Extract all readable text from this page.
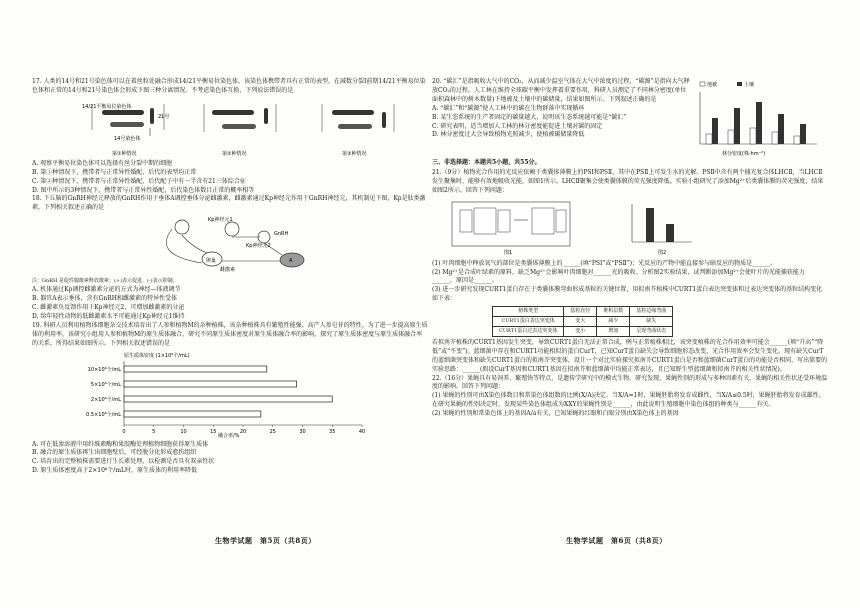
17. 人类的14号和21号染色体可以在着丝粒处融合形成14/21平衡易位染色体，该染色体携带者具有正常的表型，在减数分裂Ⅰ前期14/21平衡易位染色体和正常的14号和21号染色体会形成下图三种分离情况。不考虑染色体互换，下列说法错误的是

14/21平衡易位染色体
21号
14号染色体
第①种情况	第②种情况	第③种情况

A. 观察平衡易位染色体可以选择有丝分裂中期的细胞

B. 第①种情况下，携带者与正常异性婚配，后代的表型均正常

C. 第②种情况下，携带者与正常异性婚配，后代配子中有一半含有21三体综合征

D. 图中所示的3种情况下，携带者与正常异性婚配，后代染色体数目正常的概率相等

18. 下丘脑的GnRH神经元释放的GnRH作用于垂体A调控垂体分泌雌激素，雌激素通过Kp神经元作用于GnRH神经元，其机制见下图，Kp是肽类激素，下列相关叙述正确的是

Kp神经元1
Kp神经元2
GnRH
A
卵巢
雌激素

注：GnRH 是促性腺激素释放激素；(+)表示促进，(-)表示抑制。

A. 机体通过Kp调控雌激素分泌的方式为神经—体液调节

B. 器官A表示垂体，含有GnRH相雌激素的特异性受体

C. 雌激素负反馈作用于Kp神经元2，可增加雌激素的分泌

D. 给年轻性动物的低雌激素水平可能通过Kp神经元1维持

19. 科研人员利用植物体细胞杂交技术培育出了人参和植物M的杂种植株，该杂种植株具有繁殖性能强、高产人参皂苷的特性。为了进一步提高原生质体的利用率，该研究小组用人参和植物M的原生质体融合，研究不同原生质体密度对原生质体融合率的影响，探究了原生质体密度与原生质体融合率的关系，所得结果如图所示。下列相关叙述错误的是

原生质体密度 (1×10⁶个/mL)
融合率/%
10×10⁶个/mL
5×10⁶个/mL
2×10⁶个/mL
0.5×10⁶个/mL
0	5	10	15	20	25	30	35	40

A. 可在低渗溶液中用纤维素酶和果胶酶处理植物细胞获得原生质体

B. 融合的原生质体再生出细胞壁后，可经脱分化形成愈伤组织

C. 培育出的完整植株需要进行生长素处理，以检测是否具有双亲性状

D. 原生质体密度高于2×10⁶个/mL时，原生质体的利用率降低

20. “碳汇”是指吸收大气中的CO₂，从而减少温室气体在大气中浓度的过程，“碳源”是指向大气释放CO₂的过程。人工林在维持全球碳平衡中发挥着重要作用，科研人员测定了不同林分密度(单位面积森林中的树木数量)下地被及土壤中的碳储量，结果如图所示。下列叙述正确的是

A. “碳汇”和“碳源”使人工林中的碳在生物群落中实现循环

B. 某生态系统的生产者固定的碳量越大，说明该生态系统越可能是“碳汇”

C. 研究表明，适当增加人工林的林分密度能促进土壤对碳的固定

D. 林分密度过大会导致植物光照减少，使植被碳储量降低

地被	土壤
林分密度(株·hm⁻²)

三、非选择题：本题共5小题，共55分。

21.（9分）植物光合作用的光反应依赖于类囊体薄膜上的PSⅠ和PSⅡ，其中在PSⅡ上可发生水的光解。PSⅡ中含有两个捕光复合体LHCⅡ，当LHCⅡ发生聚集时，能够有效地吸收光能，如图1所示。LHCⅡ聚集会使类囊体膜的荧光强度降低。实验小组研究了添加Mg²⁺后类囊体膜的荧光强度，结果如图2所示。回答下列问题：

图1	图2

(1) 叶肉细胞中释放氧气的部位是类囊体薄膜上的______(填“PSⅠ”或“PSⅡ”)；光反应的产物中能直接参与暗反应的物质是______。

(2) Mg²⁺是合成叶绿素的原料，缺乏Mg²⁺会影响叶肉细胞对______光的吸收。分析图2实验结果，试判断添加Mg²⁺会使叶片的光能捕获能力______，原因是______。

(3) 进一步研究发现CURT1蛋白存在于类囊体膜弯曲形成基粒的关键位置，用拟南芥植株中CURT1蛋白表达突变体和过表达突变体的基粒结构变化如下表：

植株类型	基粒直径	堆积层数	基粒边缘弯曲
CURT1蛋白表达突变体	变大	减少	缺失
CURT1蛋白过表达突变体	变小	增加	呈现弯曲状态

若拟南芥植株的CURT1基因发生突变，导致CURT1蛋白无法正常合成，例与正常植株相比，该突变植株的光合作用效率可能会______(填“升高”“降低”或“不变”)。蓝细菌中存在和CURT1功能相似的蛋白CurT，已知CurT蛋白缺失会导致细胞形态改变，光合作用效率会发生变化。现有缺失CurT的蓝细菌突变体和缺失CURT1蛋白的拟南芥突变体，设计一个对比实验探究拟南芥CURT1蛋白是否和蓝细菌CurT蛋白的功能是否相同，写出简要的实验思路：______(假设CurT基因和CURT1基因在拟南芥和蓝细菌中均能正常表达，且已知野生型蓝细菌和拟南芥的相关性状情况)。

22.（16分）果蝇具有易饲养、繁殖快等特点，是遗传学研究中的模式生物。研究发现，果蝇性别的形成与多种因素有关，果蝇的相关性状还受环境温度的影响。回答下列问题：

(1) 果蝇的性别可由X染色体数目和常染色体组数的比例(X/A)决定。当X/A=1时，果蝇胚胎将发育成雌性，当X/A≤0.5时，果蝇胚胎将发育成雄性。在研究果蝇的性别决定时，发现某些染色体组成为XXY的果蝇性别是______，由此说明生殖细胞中染色体组的种类与______有关。

(2) 果蝇的性别和常染色体上的基因A/a有关，已知果蝇的红眼和白眼分别由X染色体上的基因

生物学试题　第5页（共8页）	生物学试题　第6页（共8页）
